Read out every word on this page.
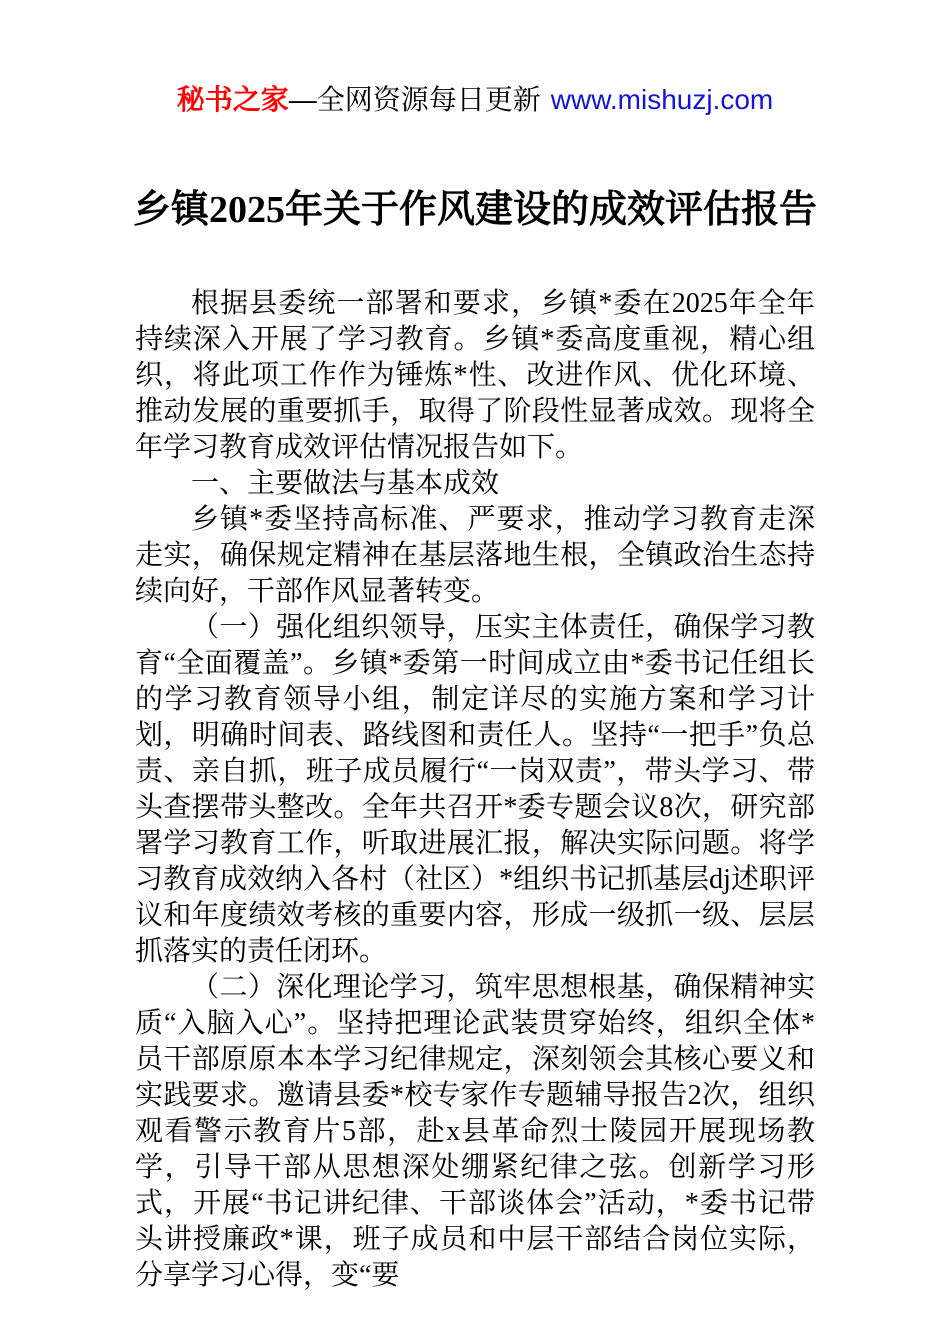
秘书之家—全网资源每日更新 www.mishuzj.com
乡镇2025年关于作风建设的成效评估报告

根据县委统一部署和要求，乡镇*委在2025年全年持续深入开展了学习教育。乡镇*委高度重视，精心组织，将此项工作作为锤炼*性、改进作风、优化环境、推动发展的重要抓手，取得了阶段性显著成效。现将全年学习教育成效评估情况报告如下。

一、主要做法与基本成效

乡镇*委坚持高标准、严要求，推动学习教育走深走实，确保规定精神在基层落地生根，全镇政治生态持续向好，干部作风显著转变。

（一）强化组织领导，压实主体责任，确保学习教育“全面覆盖”。乡镇*委第一时间成立由*委书记任组长的学习教育领导小组，制定详尽的实施方案和学习计划，明确时间表、路线图和责任人。坚持“一把手”负总责、亲自抓，班子成员履行“一岗双责”，带头学习、带头查摆带头整改。全年共召开*委专题会议8次，研究部署学习教育工作，听取进展汇报，解决实际问题。将学习教育成效纳入各村（社区）*组织书记抓基层dj述职评议和年度绩效考核的重要内容，形成一级抓一级、层层抓落实的责任闭环。

（二）深化理论学习，筑牢思想根基，确保精神实质“入脑入心”。坚持把理论武装贯穿始终，组织全体*员干部原原本本学习纪律规定，深刻领会其核心要义和实践要求。邀请县委*校专家作专题辅导报告2次，组织观看警示教育片5部，赴x县革命烈士陵园开展现场教学，引导干部从思想深处绷紧纪律之弦。创新学习形式，开展“书记讲纪律、干部谈体会”活动，*委书记带头讲授廉政*课，班子成员和中层干部结合岗位实际，分享学习心得，变“要
